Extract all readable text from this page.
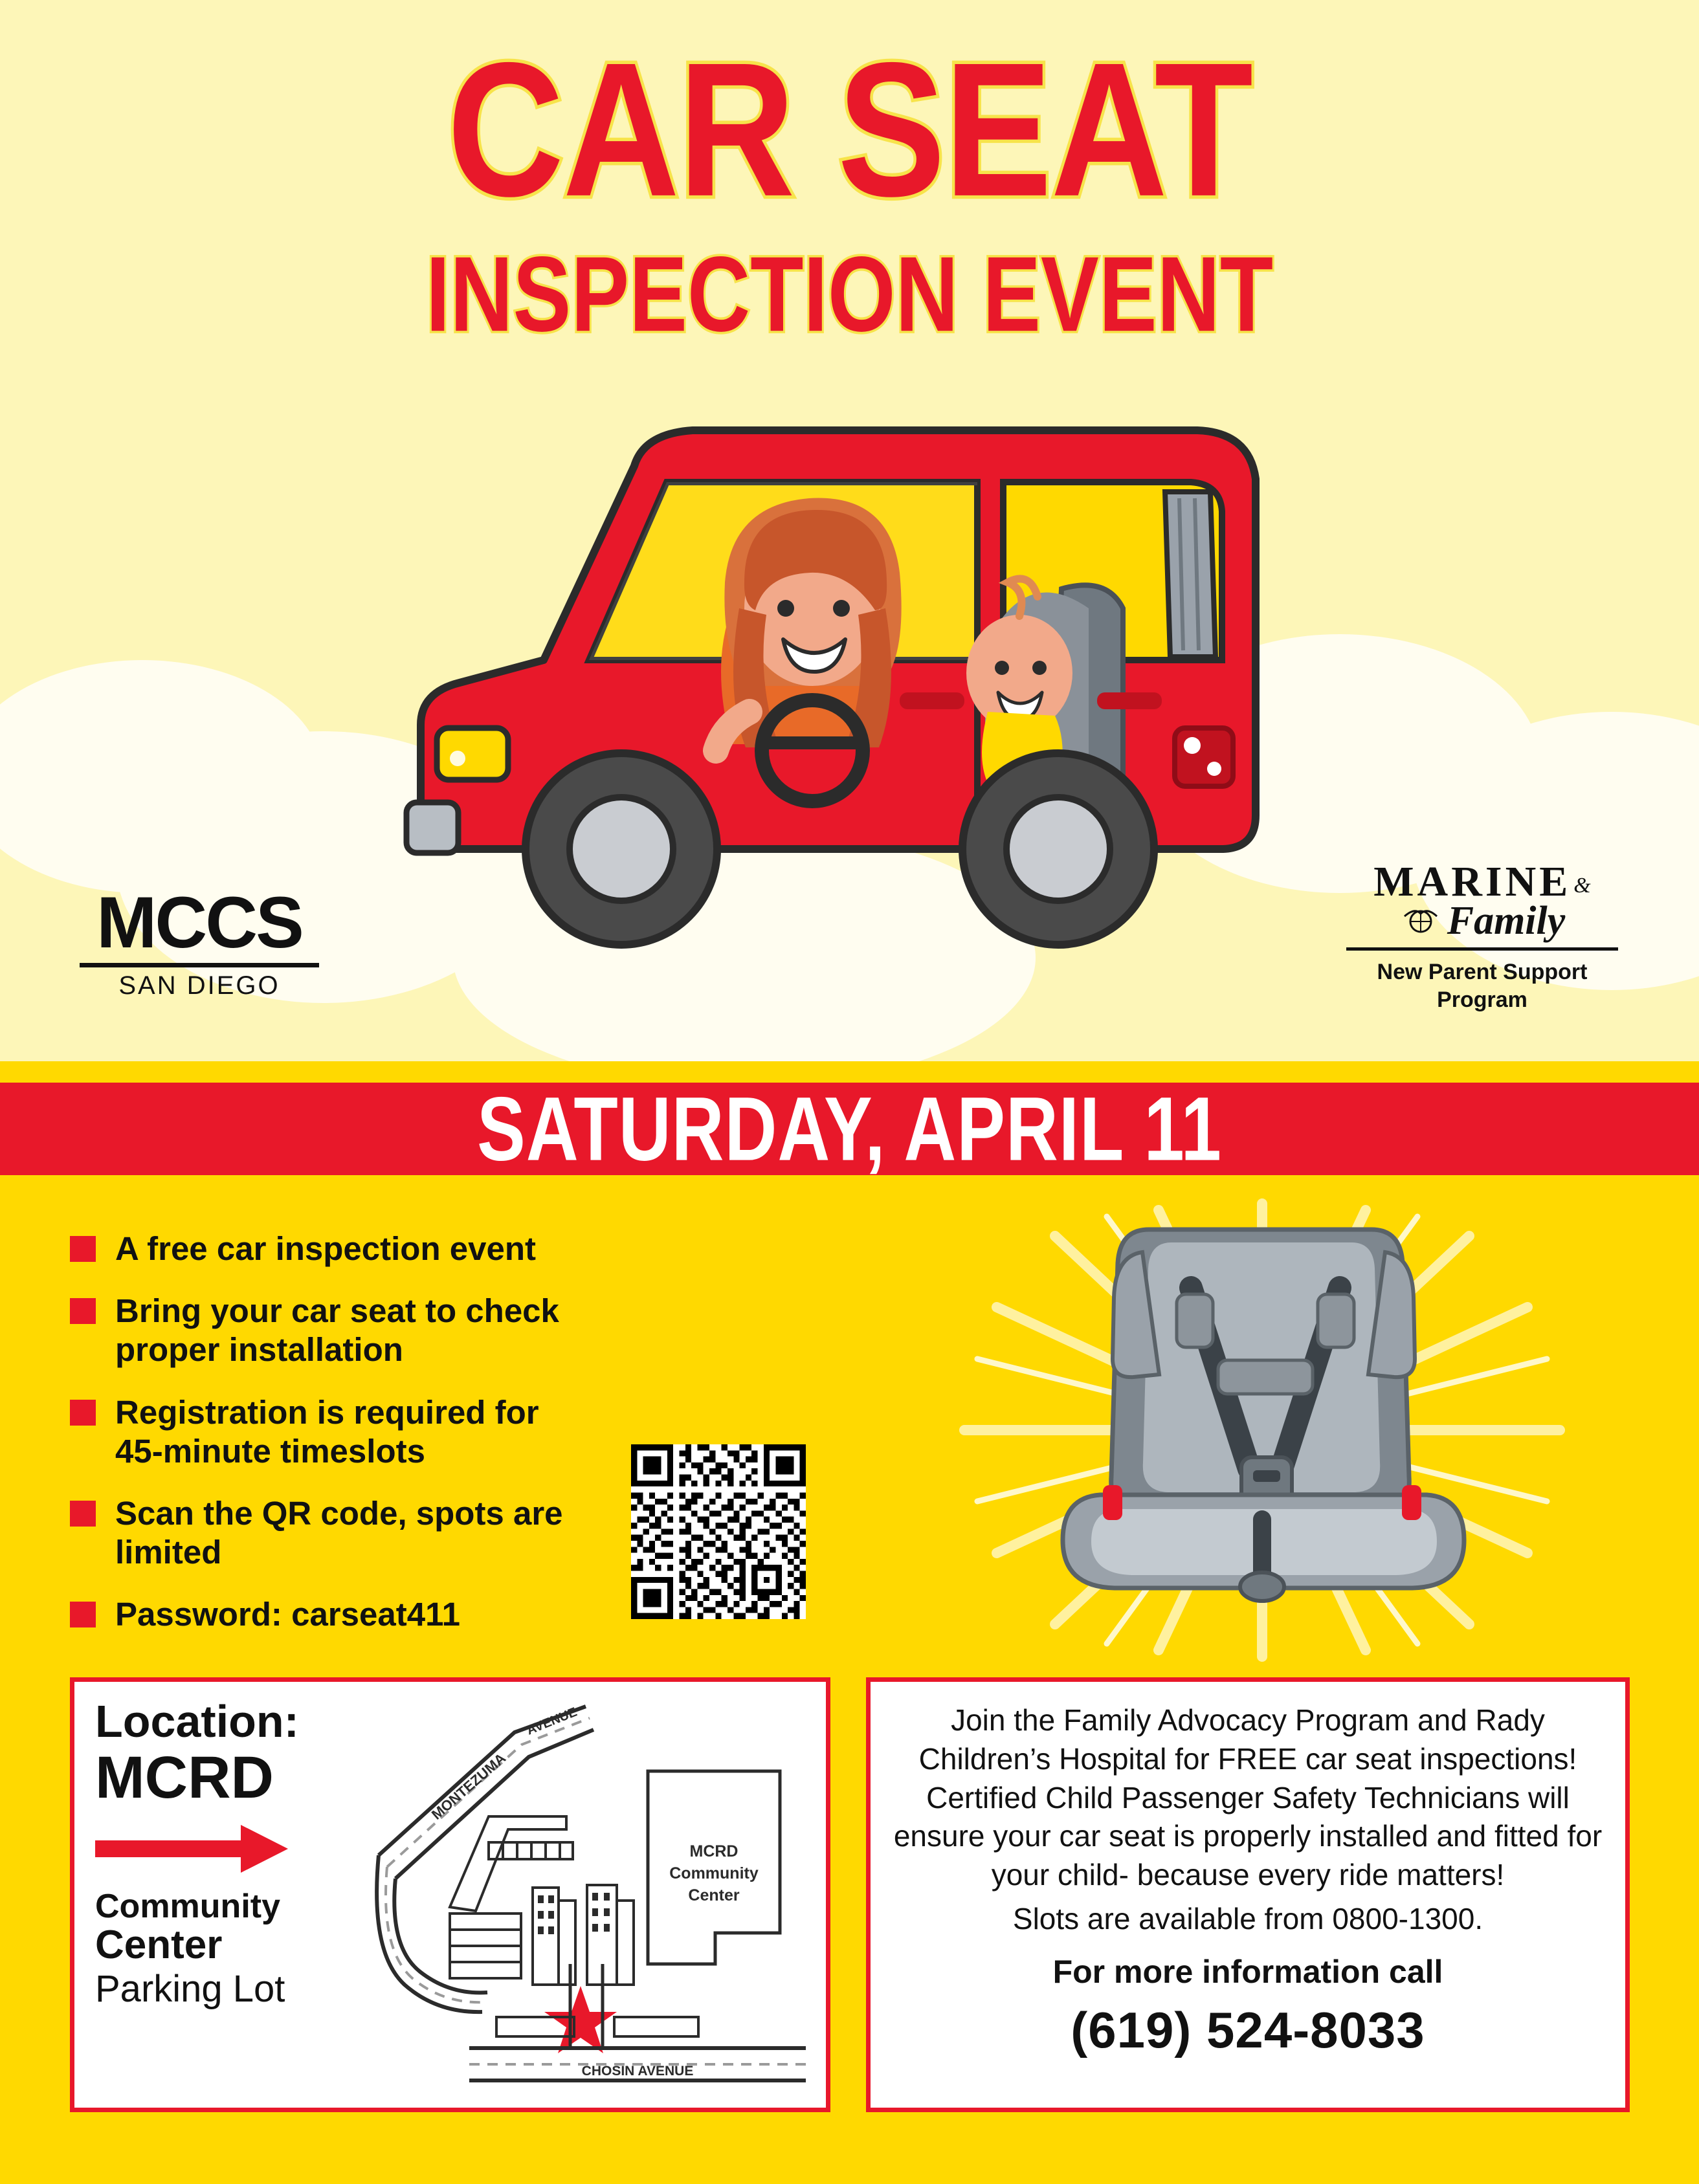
CAR SEAT
INSPECTION EVENT
MCCS
SAN DIEGO
MARINE &
Family
New Parent Support
Program
SATURDAY, APRIL 11
A free car inspection event
Bring your car seat to check proper installation
Registration is required for 45-minute timeslots
Scan the QR code, spots are limited
Password: carseat411
Location:
MCRD
Community
Center
Parking Lot
MONTEZUMA
AVENUE
MCRD
Community
Center
CHOSIN AVENUE
Join the Family Advocacy Program and Rady Children’s Hospital for FREE car seat inspections! Certified Child Passenger Safety Technicians will ensure your car seat is properly installed and fitted for your child- because every ride matters!
Slots are available from 0800-1300.
For more information call
(619) 524-8033
